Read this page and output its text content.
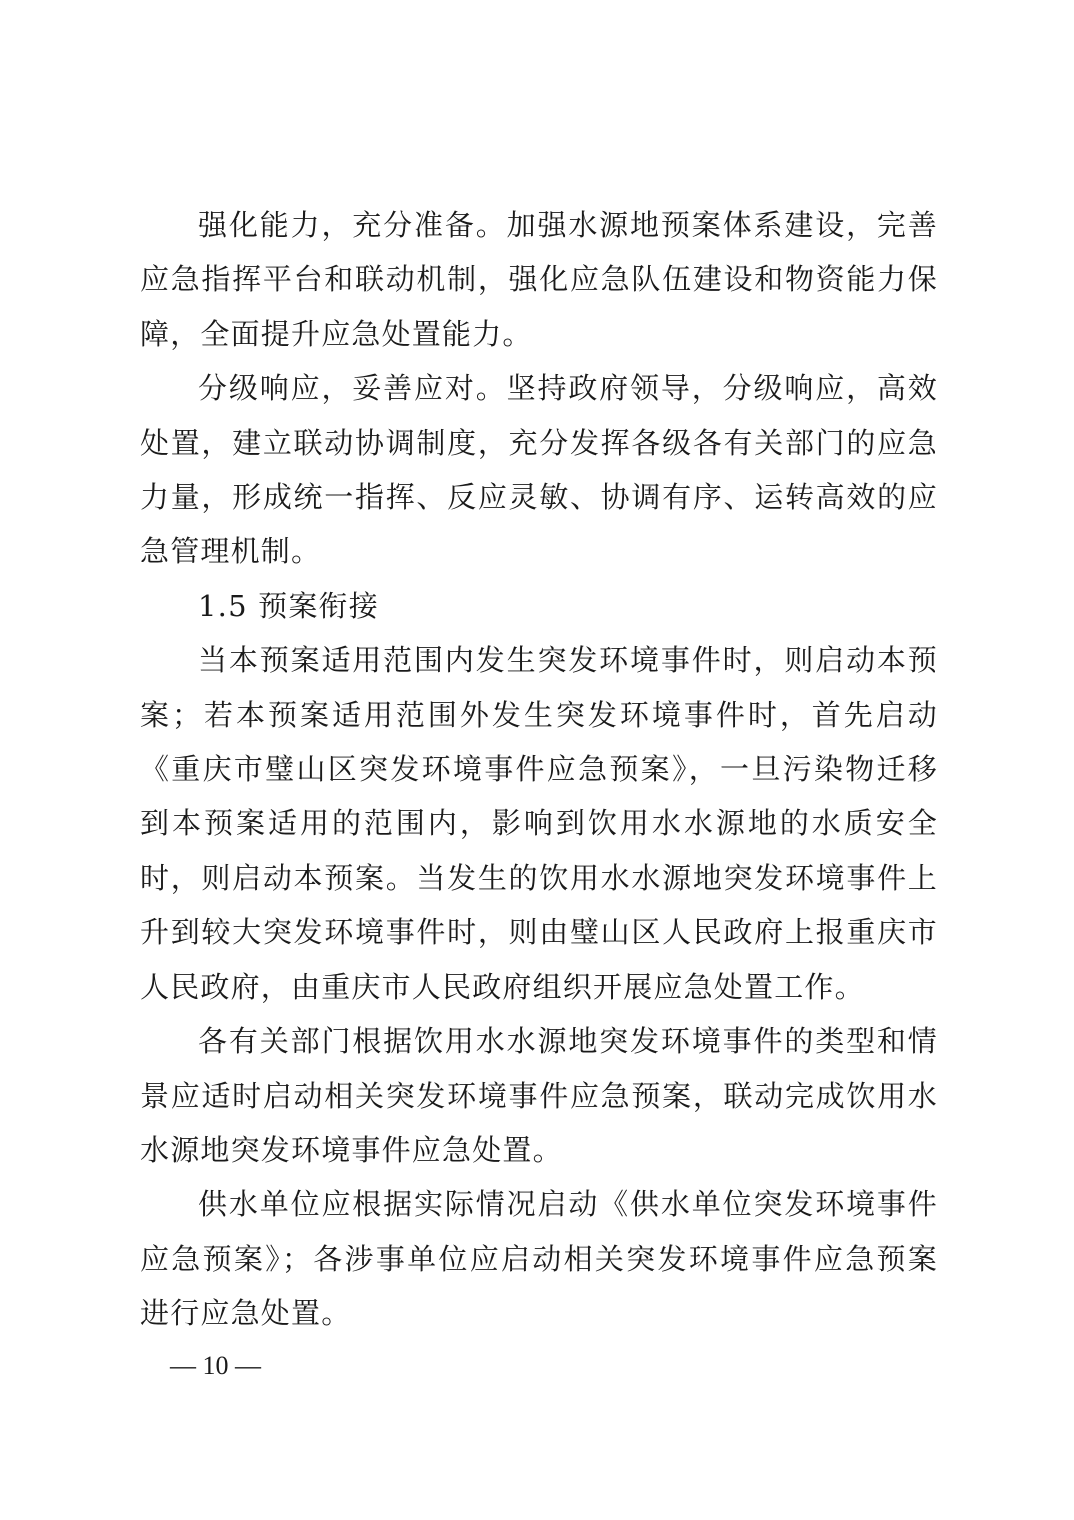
强化能力，充分准备。加强水源地预案体系建设，完善应急指挥平台和联动机制，强化应急队伍建设和物资能力保障，全面提升应急处置能力。

分级响应，妥善应对。坚持政府领导，分级响应，高效处置，建立联动协调制度，充分发挥各级各有关部门的应急力量，形成统一指挥、反应灵敏、协调有序、运转高效的应急管理机制。

1.5 预案衔接

当本预案适用范围内发生突发环境事件时，则启动本预案；若本预案适用范围外发生突发环境事件时，首先启动《重庆市璧山区突发环境事件应急预案》，一旦污染物迁移到本预案适用的范围内，影响到饮用水水源地的水质安全时，则启动本预案。当发生的饮用水水源地突发环境事件上升到较大突发环境事件时，则由璧山区人民政府上报重庆市人民政府，由重庆市人民政府组织开展应急处置工作。

各有关部门根据饮用水水源地突发环境事件的类型和情景应适时启动相关突发环境事件应急预案，联动完成饮用水水源地突发环境事件应急处置。

供水单位应根据实际情况启动《供水单位突发环境事件应急预案》；各涉事单位应启动相关突发环境事件应急预案进行应急处置。

— 10 —
